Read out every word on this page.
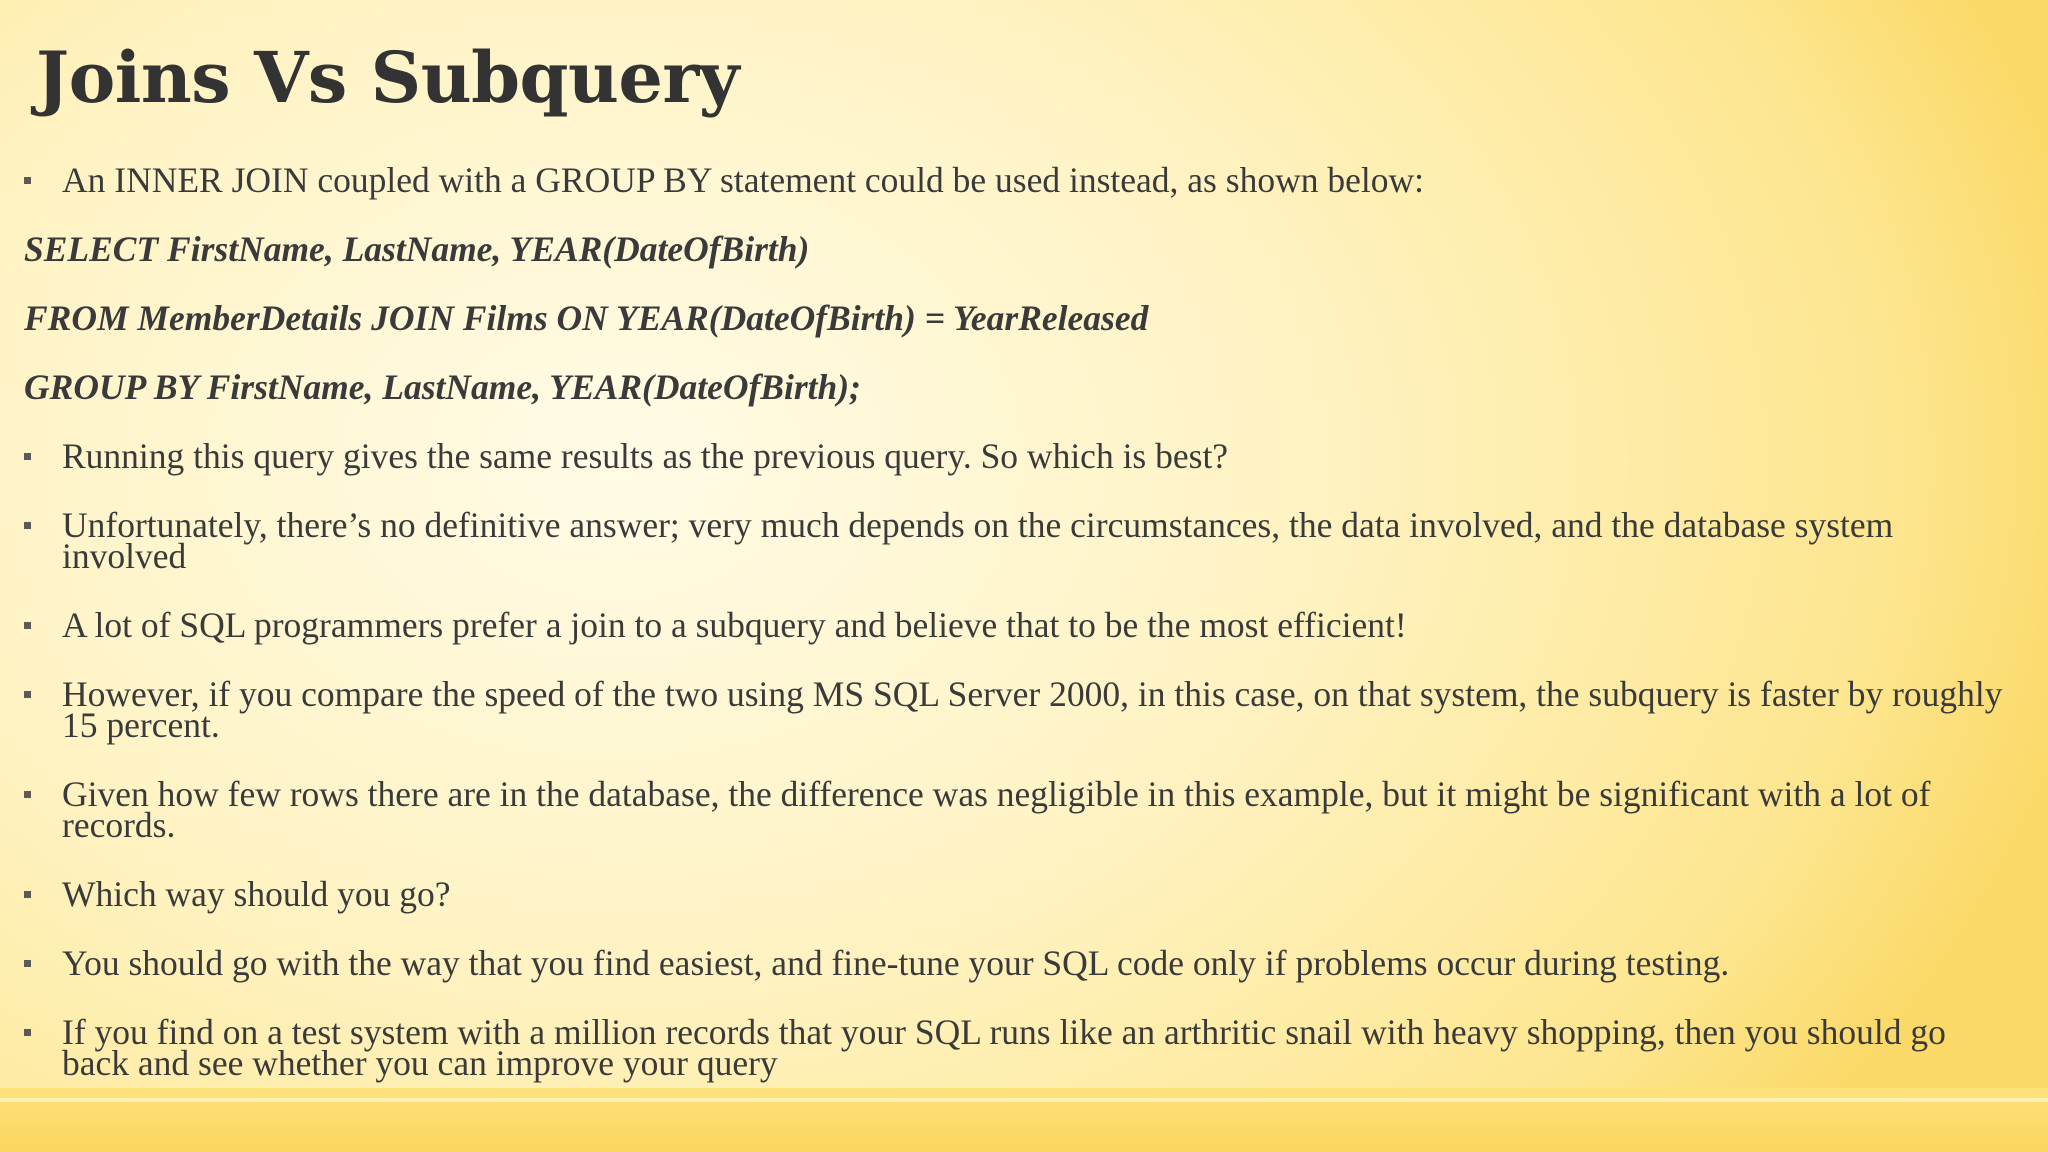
Joins Vs Subquery
An INNER JOIN coupled with a GROUP BY statement could be used instead, as shown below:
SELECT FirstName, LastName, YEAR(DateOfBirth)
FROM MemberDetails JOIN Films ON YEAR(DateOfBirth) = YearReleased
GROUP BY FirstName, LastName, YEAR(DateOfBirth);
Running this query gives the same results as the previous query. So which is best?
Unfortunately, there’s no definitive answer; very much depends on the circumstances, the data involved, and the database system involved
A lot of SQL programmers prefer a join to a subquery and believe that to be the most efficient!
However, if you compare the speed of the two using MS SQL Server 2000, in this case, on that system, the subquery is faster by roughly 15 percent.
Given how few rows there are in the database, the difference was negligible in this example, but it might be significant with a lot of records.
Which way should you go?
You should go with the way that you find easiest, and fine-tune your SQL code only if problems occur during testing.
If you find on a test system with a million records that your SQL runs like an arthritic snail with heavy shopping, then you should go back and see whether you can improve your query
